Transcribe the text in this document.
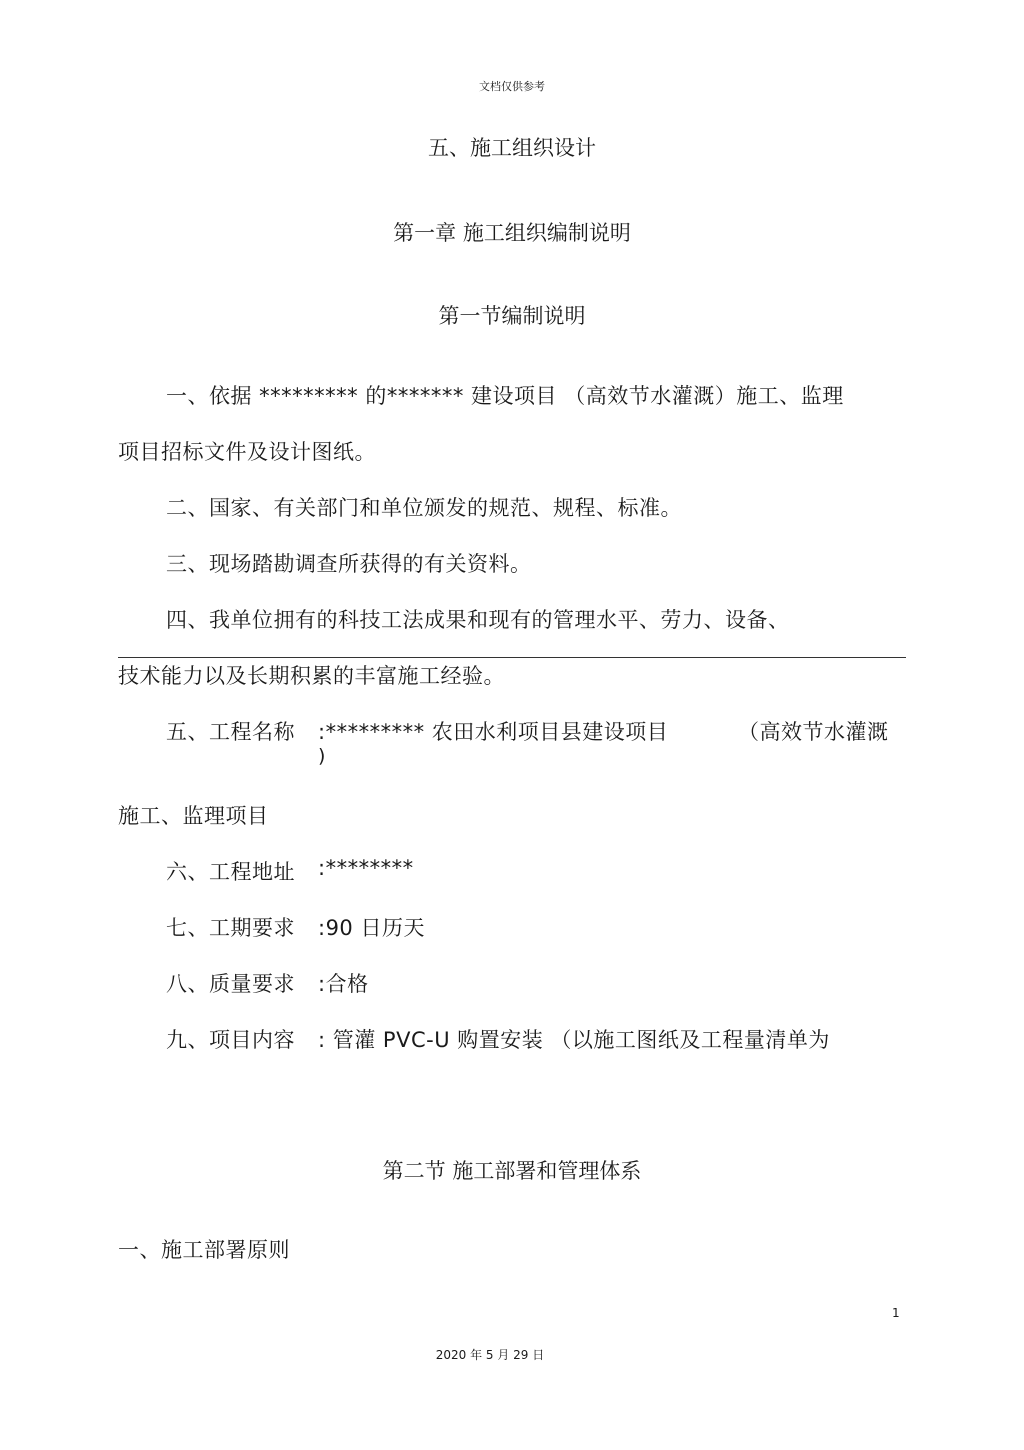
文档仅供参考
五、施工组织设计
第一章 施工组织编制说明
第一节编制说明
一、依据 ********* 的******* 建设项目 （高效节水灌溉）施工、监理
项目招标文件及设计图纸。
二、国家、有关部门和单位颁发的规范、规程、标准。
三、现场踏勘调查所获得的有关资料。
四、我单位拥有的科技工法成果和现有的管理水平、劳力、设备、
技术能力以及长期积累的丰富施工经验。
五、工程名称 :********* 农田水利项目县建设项目	（高效节水灌溉
)
施工、监理项目
六、工程地址 :********
七、工期要求 :90 日历天
八、质量要求 :合格
九、项目内容 : 管灌 PVC-U 购置安装 （以施工图纸及工程量清单为
第二节 施工部署和管理体系
一、施工部署原则
1
2020 年 5 月 29 日
